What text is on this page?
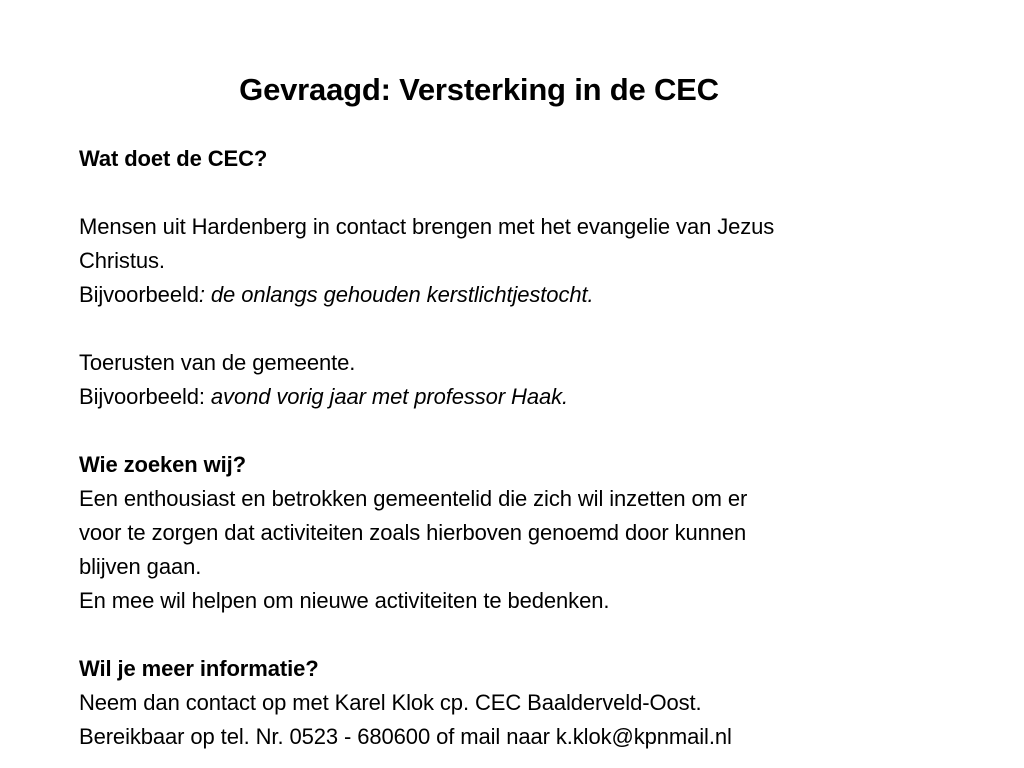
Gevraagd: Versterking in de CEC
Wat doet de CEC?
Mensen uit Hardenberg in contact brengen met het evangelie van Jezus
Christus.
Bijvoorbeeld: de onlangs gehouden kerstlichtjestocht.
Toerusten van de gemeente.
Bijvoorbeeld: avond vorig jaar met professor Haak.
Wie zoeken wij?
Een enthousiast en betrokken gemeentelid die zich wil inzetten om er
voor te zorgen dat activiteiten zoals hierboven genoemd door kunnen
blijven gaan.
En mee wil helpen om nieuwe activiteiten te bedenken.
Wil je meer informatie?
Neem dan contact op met Karel Klok cp. CEC Baalderveld-Oost.
Bereikbaar op tel. Nr. 0523 - 680600 of mail naar k.klok@kpnmail.nl
